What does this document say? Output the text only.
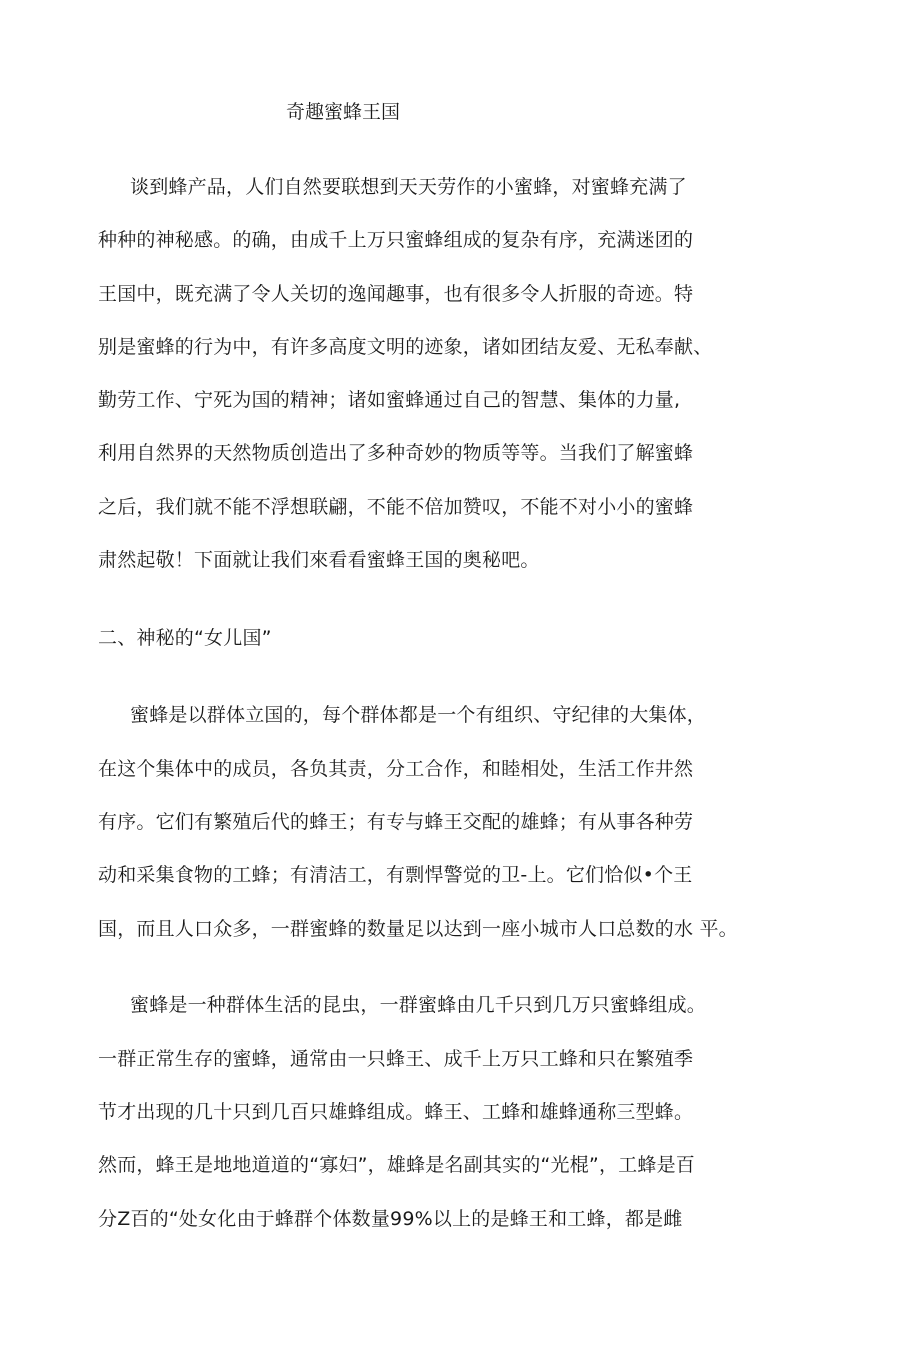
奇趣蜜蜂王国
谈到蜂产品，人们自然要联想到天天劳作的小蜜蜂，对蜜蜂充满了
种种的神秘感。的确，由成千上万只蜜蜂组成的复杂有序，充满迷团的
王国中，既充满了令人关切的逸闻趣事，也有很多令人折服的奇迹。特
别是蜜蜂的行为中，有许多高度文明的迹象，诸如团结友爱、无私奉献、
勤劳工作、宁死为国的精神；诸如蜜蜂通过自己的智慧、集体的力量,
利用自然界的天然物质创造出了多种奇妙的物质等等。当我们了解蜜蜂
之后，我们就不能不浮想联翩，不能不倍加赞叹，不能不对小小的蜜蜂
肃然起敬！下面就让我们來看看蜜蜂王国的奥秘吧。
二、神秘的“女儿国”
蜜蜂是以群体立国的，每个群体都是一个有组织、守纪律的大集体，
在这个集体中的成员，各负其责，分工合作，和睦相处，生活工作井然
有序。它们有繁殖后代的蜂王；有专与蜂王交配的雄蜂；有从事各种劳
动和采集食物的工蜂；有清洁工，有剽悍警觉的卫-上。它们恰似•个王
国，而且人口众多，一群蜜蜂的数量足以达到一座小城市人口总数的水 平。
蜜蜂是一种群体生活的昆虫，一群蜜蜂由几千只到几万只蜜蜂组成。
一群正常生存的蜜蜂，通常由一只蜂王、成千上万只工蜂和只在繁殖季
节才出现的几十只到几百只雄蜂组成。蜂王、工蜂和雄蜂通称三型蜂。
然而，蜂王是地地道道的“寡妇”，雄蜂是名副其实的“光棍”，工蜂是百
分Z百的“处女化由于蜂群个体数量99%以上的是蜂王和工蜂，都是雌
